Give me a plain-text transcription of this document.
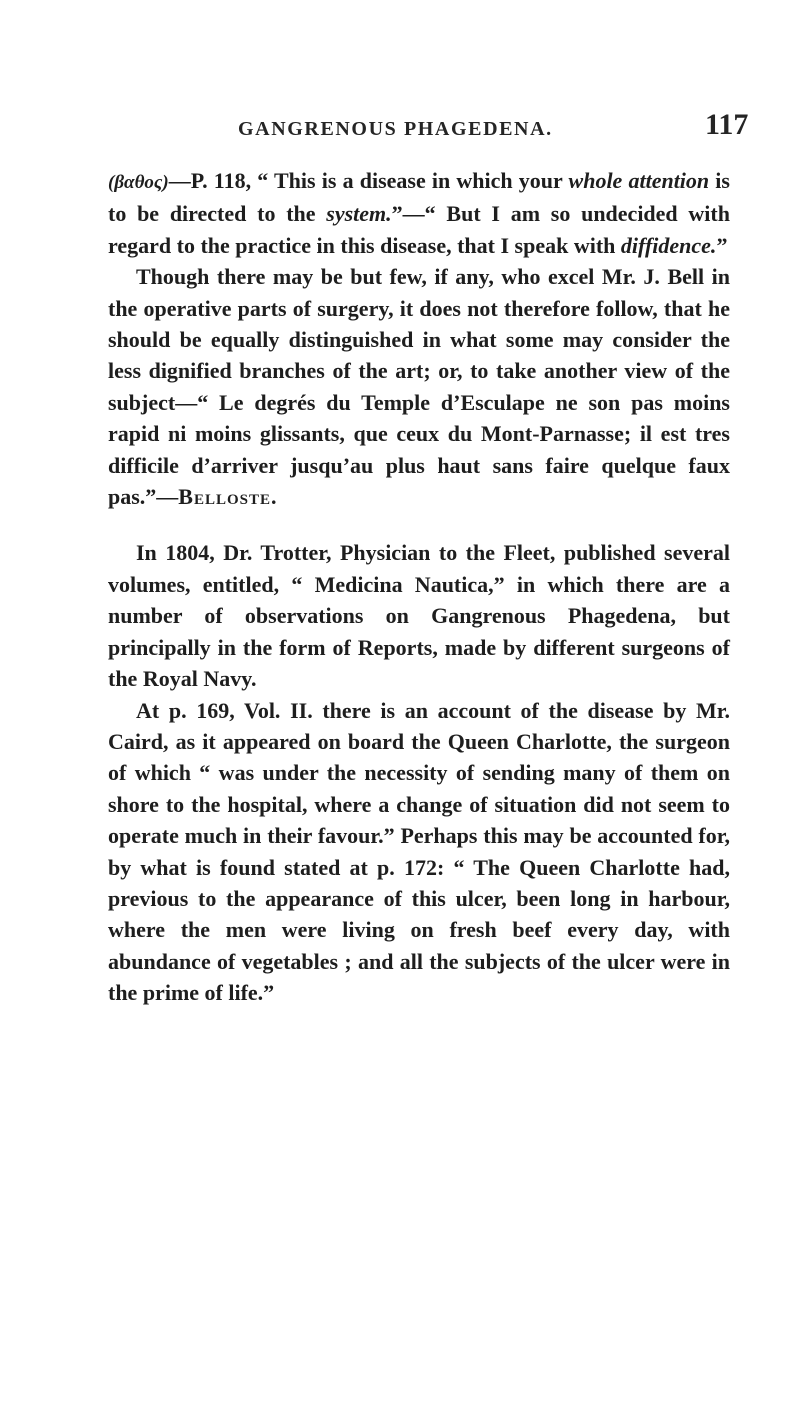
GANGRENOUS PHAGEDENA.	117

(βαθος)—P. 118, “ This is a disease in which your whole attention is to be directed to the system.”—“ But I am so undecided with regard to the practice in this disease, that I speak with diffidence.”

Though there may be but few, if any, who excel Mr. J. Bell in the operative parts of surgery, it does not therefore follow, that he should be equally distinguished in what some may consider the less dignified branches of the art; or, to take another view of the subject—“ Le degrés du Temple d’Esculape ne son pas moins rapid ni moins glissants, que ceux du Mont-Parnasse; il est tres difficile d’arriver jusqu’au plus haut sans faire quelque faux pas.”—Belloste.

In 1804, Dr. Trotter, Physician to the Fleet, published several volumes, entitled, “ Medicina Nautica,” in which there are a number of observations on Gangrenous Phagedena, but principally in the form of Reports, made by different surgeons of the Royal Navy.

At p. 169, Vol. II. there is an account of the disease by Mr. Caird, as it appeared on board the Queen Charlotte, the surgeon of which “ was under the necessity of sending many of them on shore to the hospital, where a change of situation did not seem to operate much in their favour.” Perhaps this may be accounted for, by what is found stated at p. 172: “ The Queen Charlotte had, previous to the appearance of this ulcer, been long in harbour, where the men were living on fresh beef every day, with abundance of vegetables ; and all the subjects of the ulcer were in the prime of life.”
